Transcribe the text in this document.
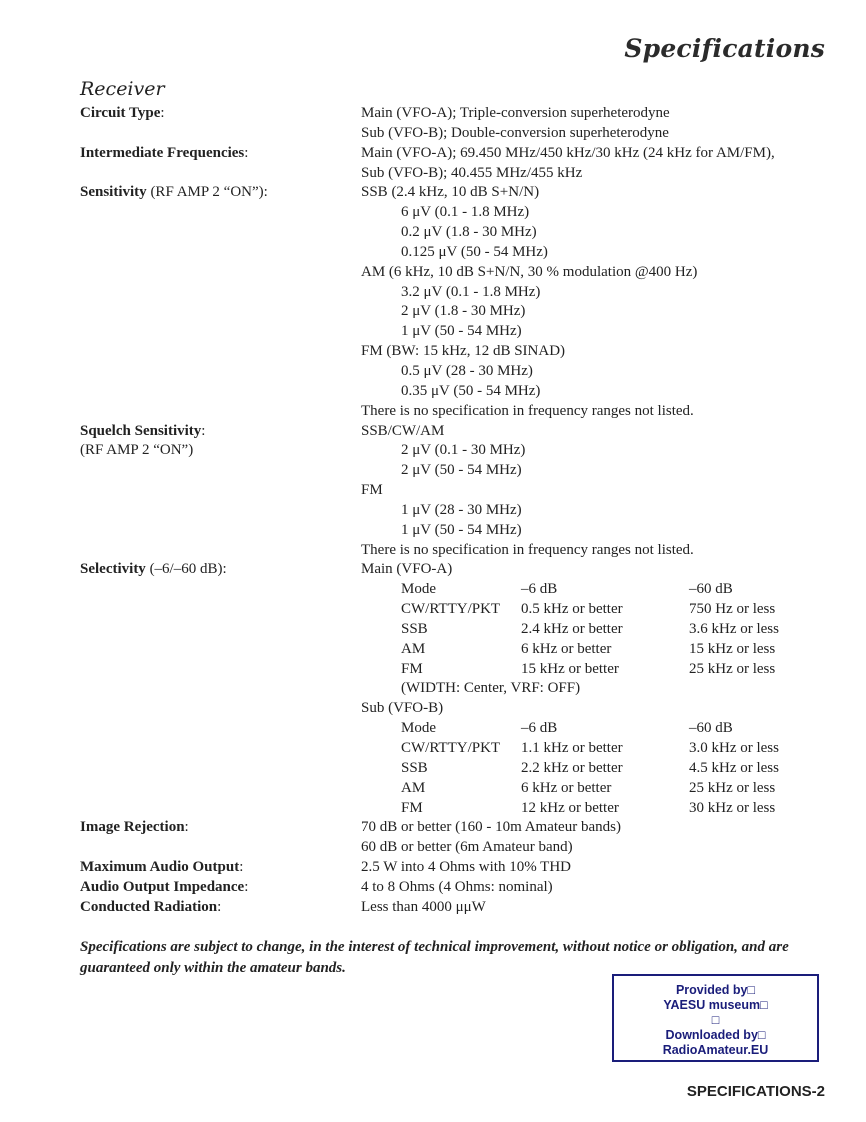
Specifications
Receiver
Circuit Type:	Main (VFO-A); Triple-conversion superheterodyne
Sub (VFO-B); Double-conversion superheterodyne
Intermediate Frequencies:	Main (VFO-A); 69.450 MHz/450 kHz/30 kHz (24 kHz for AM/FM),
Sub (VFO-B); 40.455 MHz/455 kHz
Sensitivity (RF AMP 2 “ON”):	SSB (2.4 kHz, 10 dB S+N/N)
6 μV (0.1 - 1.8 MHz)
0.2 μV (1.8 - 30 MHz)
0.125 μV (50 - 54 MHz)
AM (6 kHz, 10 dB S+N/N, 30 % modulation @400 Hz)
3.2 μV (0.1 - 1.8 MHz)
2 μV (1.8 - 30 MHz)
1 μV (50 - 54 MHz)
FM (BW: 15 kHz, 12 dB SINAD)
0.5 μV (28 - 30 MHz)
0.35 μV (50 - 54 MHz)
There is no specification in frequency ranges not listed.
Squelch Sensitivity:
(RF AMP 2 “ON”)
SSB/CW/AM
2 μV (0.1 - 30 MHz)
2 μV (50 - 54 MHz)
FM
1 μV (28 - 30 MHz)
1 μV (50 - 54 MHz)
There is no specification in frequency ranges not listed.
Selectivity (–6/–60 dB):	Main (VFO-A)
Mode	–6 dB	–60 dB
CW/RTTY/PKT	0.5 kHz or better	750 Hz or less
SSB	2.4 kHz or better	3.6 kHz or less
AM	6 kHz or better	15 kHz or less
FM	15 kHz or better	25 kHz or less
(WIDTH: Center, VRF: OFF)
Sub (VFO-B)
Mode	–6 dB	–60 dB
CW/RTTY/PKT	1.1 kHz or better	3.0 kHz or less
SSB	2.2 kHz or better	4.5 kHz or less
AM	6 kHz or better	25 kHz or less
FM	12 kHz or better	30 kHz or less
Image Rejection:	70 dB or better (160 - 10m Amateur bands)
60 dB or better (6m Amateur band)
Maximum Audio Output:	2.5 W into 4 Ohms with 10% THD
Audio Output Impedance:	4 to 8 Ohms (4 Ohms: nominal)
Conducted Radiation:	Less than 4000 μμW
Specifications are subject to change, in the interest of technical improvement, without notice or obligation, and are guaranteed only within the amateur bands.
Provided by□
YAESU museum□
□
Downloaded by□
RadioAmateur.EU
SPECIFICATIONS-2
